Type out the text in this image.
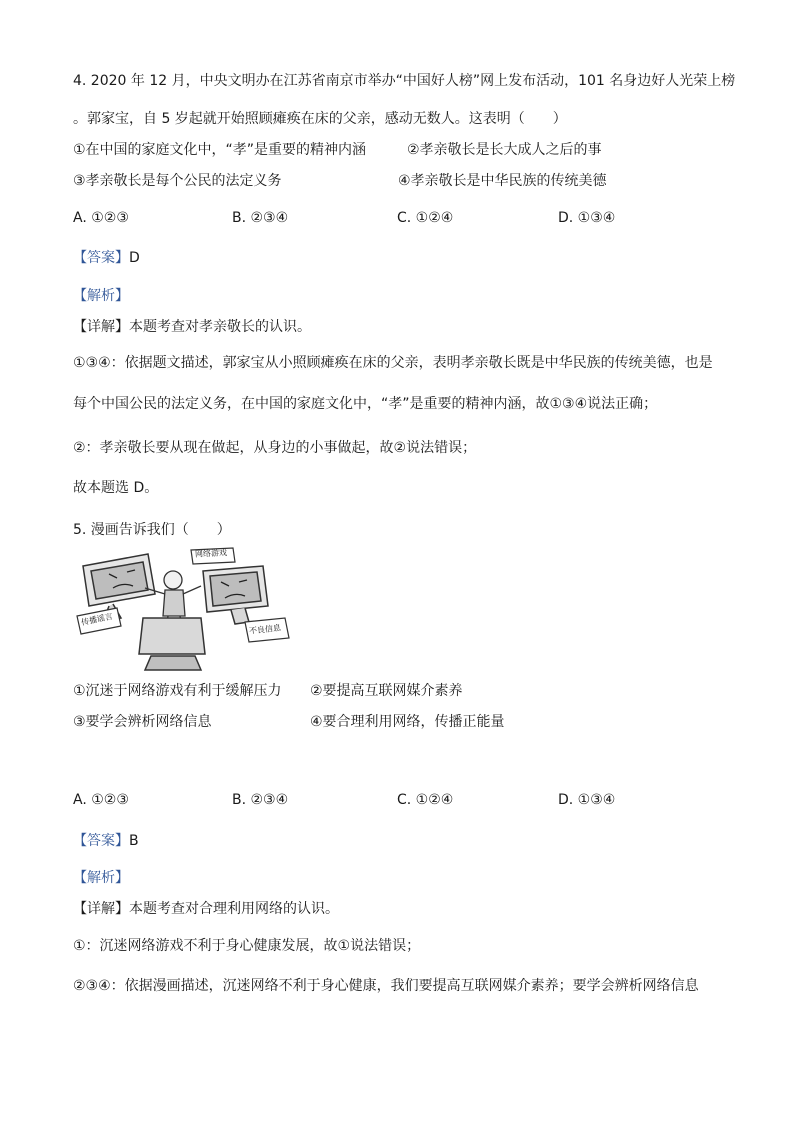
4. 2020 年 12 月，中央文明办在江苏省南京市举办“中国好人榜”网上发布活动，101 名身边好人光荣上榜
。郭家宝，自 5 岁起就开始照顾瘫痪在床的父亲，感动无数人。这表明（　　）
①在中国的家庭文化中，“孝”是重要的精神内涵	②孝亲敬长是长大成人之后的事
③孝亲敬长是每个公民的法定义务	④孝亲敬长是中华民族的传统美德
A. ①②③	B. ②③④	C. ①②④	D. ①③④
【答案】D
【解析】
【详解】本题考查对孝亲敬长的认识。
①③④：依据题文描述，郭家宝从小照顾瘫痪在床的父亲，表明孝亲敬长既是中华民族的传统美德，也是
每个中国公民的法定义务，在中国的家庭文化中，“孝”是重要的精神内涵，故①③④说法正确；
②：孝亲敬长要从现在做起，从身边的小事做起，故②说法错误；
故本题选 D。
5. 漫画告诉我们（　　）
网络游戏
传播谣言
不良信息
①沉迷于网络游戏有利于缓解压力 ②要提高互联网媒介素养
③要学会辨析网络信息	④要合理利用网络，传播正能量
A. ①②③	B. ②③④	C. ①②④	D. ①③④
【答案】B
【解析】
【详解】本题考查对合理利用网络的认识。
①：沉迷网络游戏不利于身心健康发展，故①说法错误；
②③④：依据漫画描述，沉迷网络不利于身心健康，我们要提高互联网媒介素养；要学会辨析网络信息
